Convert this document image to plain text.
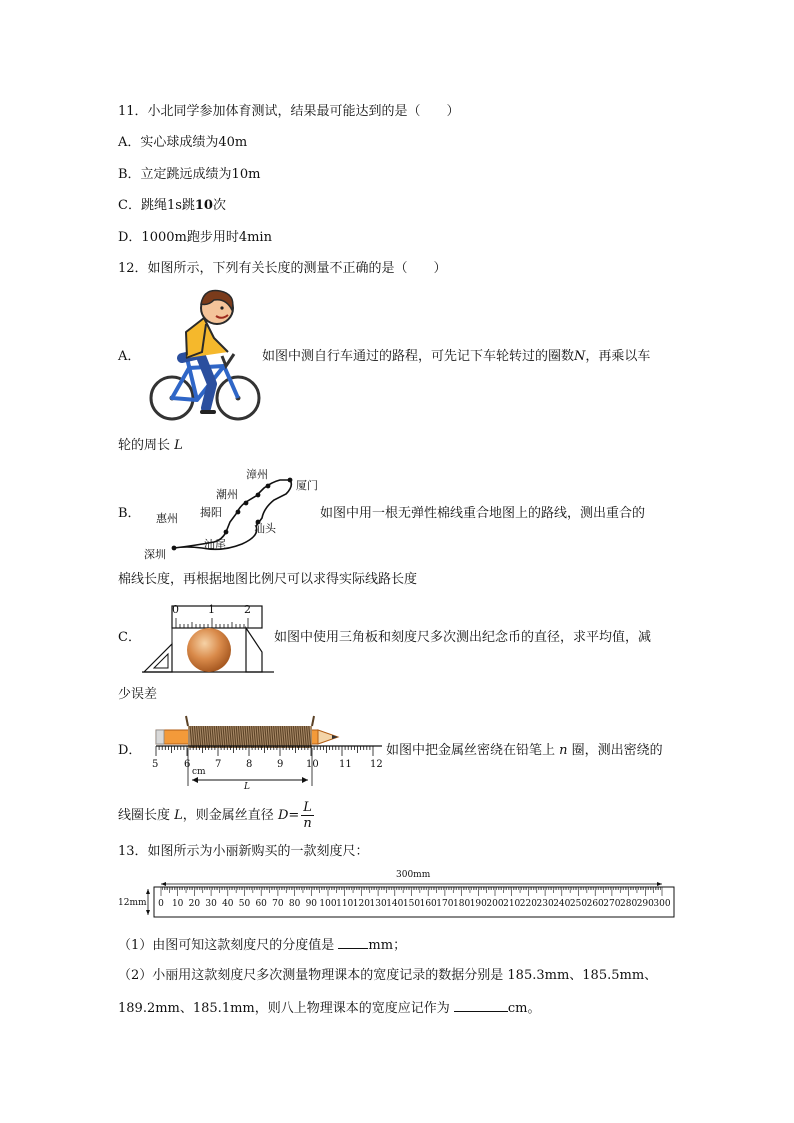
11．小北同学参加体育测试，结果最可能达到的是（　　）
A．实心球成绩为40m
B．立定跳远成绩为10m
C．跳绳1s跳10次
D．1000m跑步用时4min
12．如图所示，下列有关长度的测量不正确的是（　　）
A．	如图中测自行车通过的路程，可先记下车轮转过的圈数N，再乘以车
轮的周长 L
B．
漳州
厦门
潮州
揭阳
惠州
汕头
汕尾
深圳
如图中用一根无弹性棉线重合地图上的路线，测出重合的
棉线长度，再根据地图比例尺可以求得实际线路长度
C．
0	1	2
如图中使用三角板和刻度尺多次测出纪念币的直径，求平均值，减
少误差
D．
5	6 7 8 9 10 11 12
cm
L
如图中把金属丝密绕在铅笔上 n 圈，测出密绕的
线圈长度 L，则金属丝直径 $D= \frac{L}{n}$
13．如图所示为小丽新购买的一款刻度尺：
300mm
12mm 0 10 20 30 40 50 60 70 80 90 100 110 120 130 140 150 160 170 180 190 200 210 220 230 240 250 260 270 280 290 300
（1）由图可知这款刻度尺的分度值是	mm；
（2）小丽用这款刻度尺多次测量物理课本的宽度记录的数据分别是 185.3mm、185.5mm、
189.2mm、185.1mm，则八上物理课本的宽度应记作为	cm。
